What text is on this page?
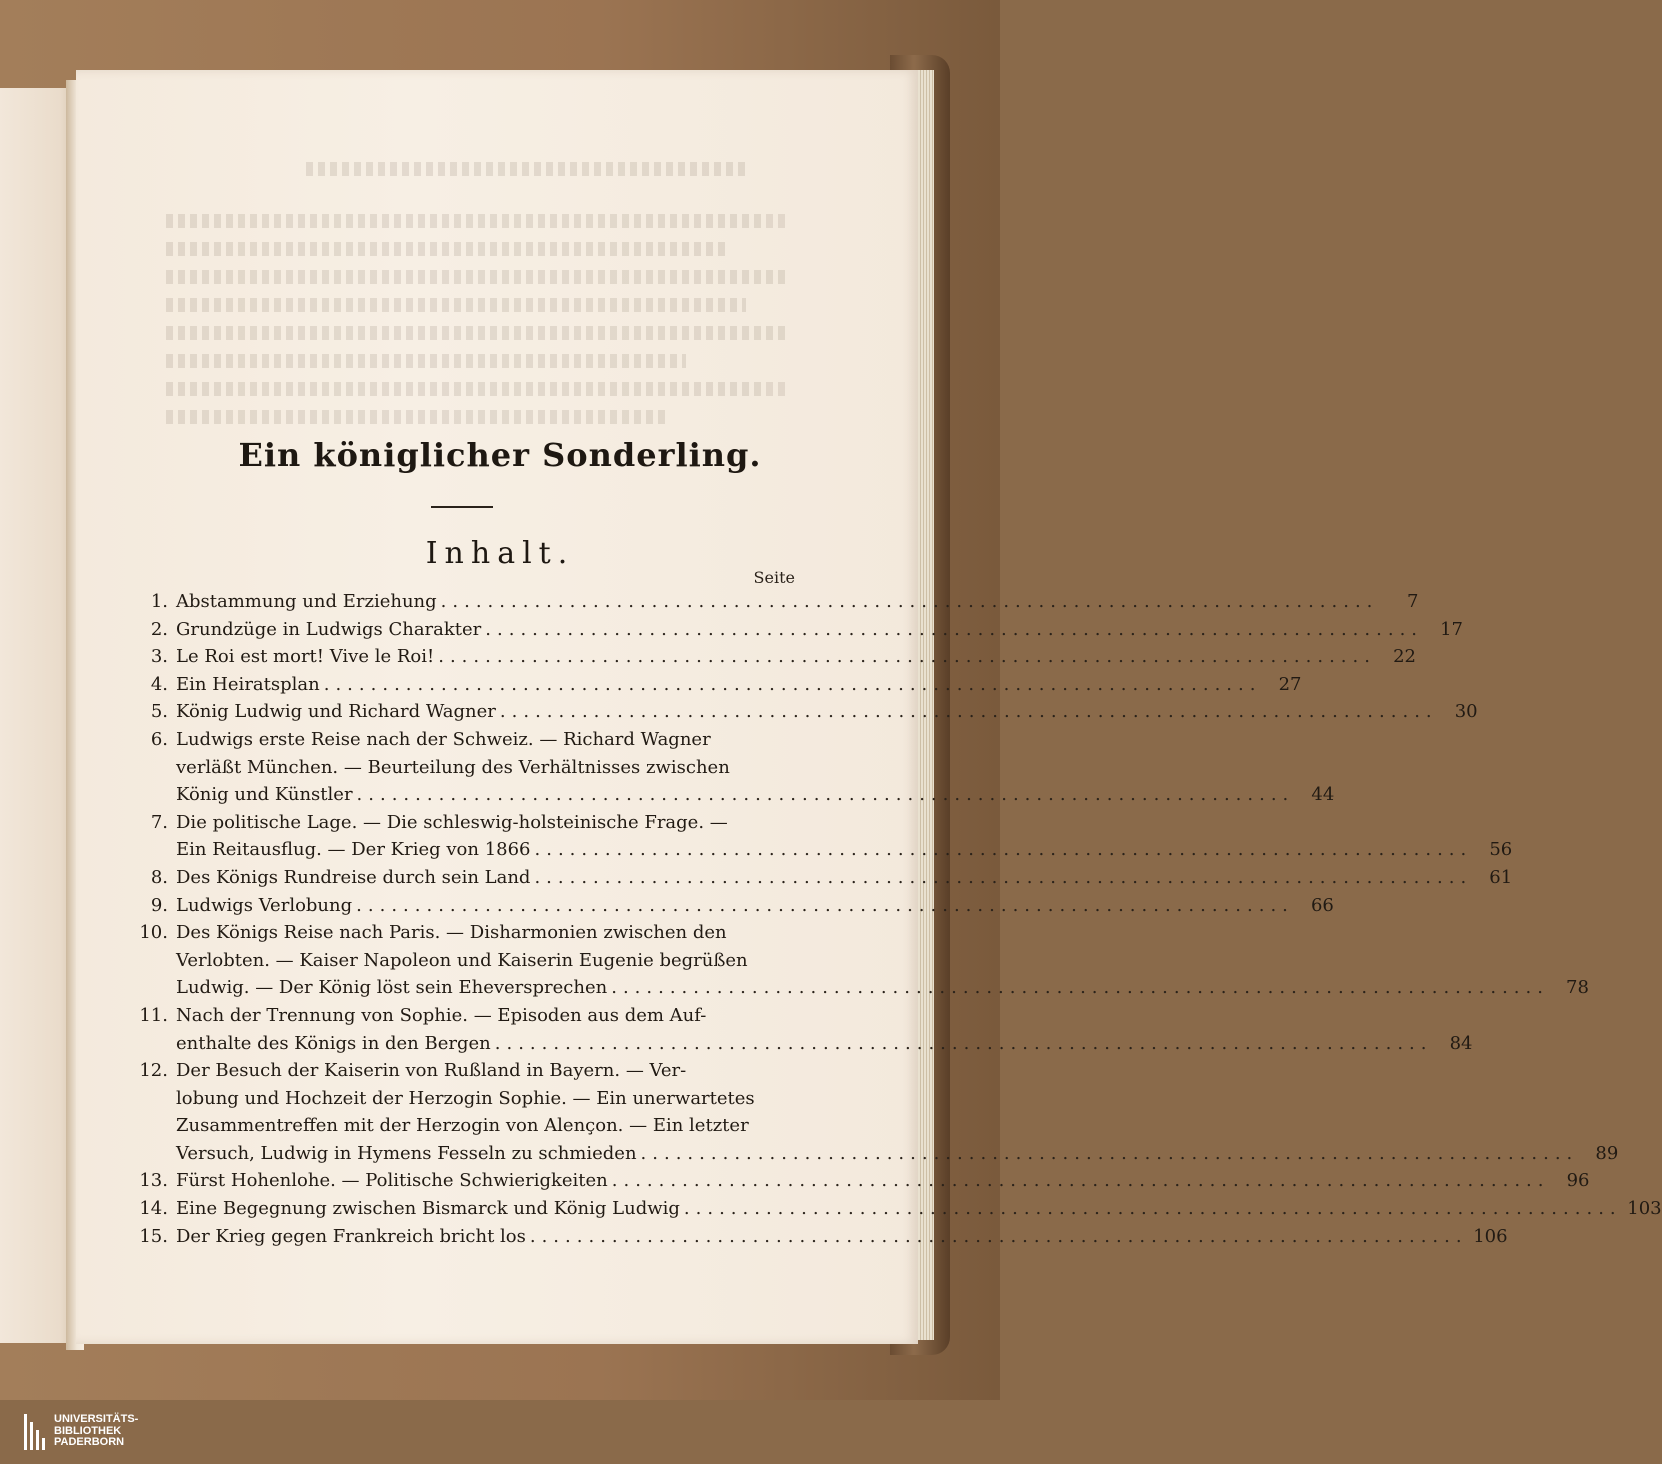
Ein königlicher Sonderling.
Inhalt.
Seite
1. Abstammung und Erziehung ................................................................................	7
2. Grundzüge in Ludwigs Charakter ................................................................................ 17
3. Le Roi est mort! Vive le Roi! ................................................................................ 22
4. Ein Heiratsplan ................................................................................ 27
5. König Ludwig und Richard Wagner ................................................................................ 30
6. Ludwigs erste Reise nach der Schweiz. — Richard Wagner
verläßt München. — Beurteilung des Verhältnisses zwischen
König und Künstler ................................................................................ 44
7. Die politische Lage. — Die schleswig-holsteinische Frage. —
Ein Reitausflug. — Der Krieg von 1866 ................................................................................ 56
8. Des Königs Rundreise durch sein Land ................................................................................ 61
9. Ludwigs Verlobung ................................................................................ 66
10. Des Königs Reise nach Paris. — Disharmonien zwischen den
Verlobten. — Kaiser Napoleon und Kaiserin Eugenie begrüßen
Ludwig. — Der König löst sein Eheversprechen ................................................................................ 78
11. Nach der Trennung von Sophie. — Episoden aus dem Auf-
enthalte des Königs in den Bergen ................................................................................ 84
12. Der Besuch der Kaiserin von Rußland in Bayern. — Ver-
lobung und Hochzeit der Herzogin Sophie. — Ein unerwartetes
Zusammentreffen mit der Herzogin von Alençon. — Ein letzter
Versuch, Ludwig in Hymens Fesseln zu schmieden ................................................................................ 89
13. Fürst Hohenlohe. — Politische Schwierigkeiten ................................................................................ 96
14. Eine Begegnung zwischen Bismarck und König Ludwig ................................................................................ 103
15. Der Krieg gegen Frankreich bricht los ................................................................................ 106
UNIVERSITÄTS-
BIBLIOTHEK
PADERBORN
